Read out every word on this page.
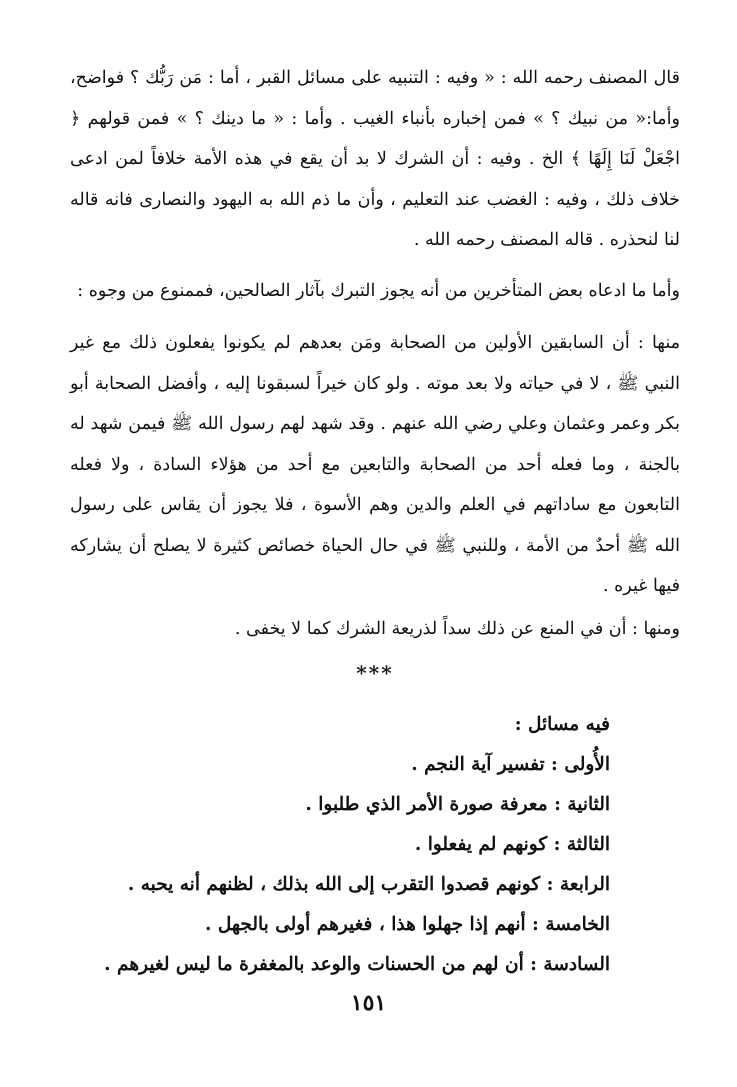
قال المصنف رحمه الله : « وفيه : التنبيه على مسائل القبر ، أما : مَن رَبُّك ؟ فواضح، وأما:« من نبيك ؟ » فمن إخباره بأنباء الغيب . وأما : « ما دينك ؟ » فمن قولهم ﴿ اجْعَلْ لَنَا إِلَهًا ﴾ الخ . وفيه : أن الشرك لا بد أن يقع في هذه الأمة خلافاً لمن ادعى خلاف ذلك ، وفيه : الغضب عند التعليم ، وأن ما ذم الله به اليهود والنصارى فانه قاله لنا لنحذره . قاله المصنف رحمه الله .

وأما ما ادعاه بعض المتأخرين من أنه يجوز التبرك بآثار الصالحين، فممنوع من وجوه :

منها : أن السابقين الأولين من الصحابة ومَن بعدهم لم يكونوا يفعلون ذلك مع غير النبي ﷺ ، لا في حياته ولا بعد موته . ولو كان خيراً لسبقونا إليه ، وأفضل الصحابة أبو بكر وعمر وعثمان وعلي رضي الله عنهم . وقد شهد لهم رسول الله ﷺ فيمن شهد له بالجنة ، وما فعله أحد من الصحابة والتابعين مع أحد من هؤلاء السادة ، ولا فعله التابعون مع ساداتهم في العلم والدين وهم الأسوة ، فلا يجوز أن يقاس على رسول الله ﷺ أحدٌ من الأمة ، وللنبي ﷺ في حال الحياة خصائص كثيرة لا يصلح أن يشاركه فيها غيره .

ومنها : أن في المنع عن ذلك سداً لذريعة الشرك كما لا يخفى .

***
فيه مسائل :
الأُولى : تفسير آية النجم .
الثانية : معرفة صورة الأمر الذي طلبوا .
الثالثة : كونهم لم يفعلوا .
الرابعة : كونهم قصدوا التقرب إلى الله بذلك ، لظنهم أنه يحبه .
الخامسة : أنهم إذا جهلوا هذا ، فغيرهم أولى بالجهل .
السادسة : أن لهم من الحسنات والوعد بالمغفرة ما ليس لغيرهم .
١٥١
